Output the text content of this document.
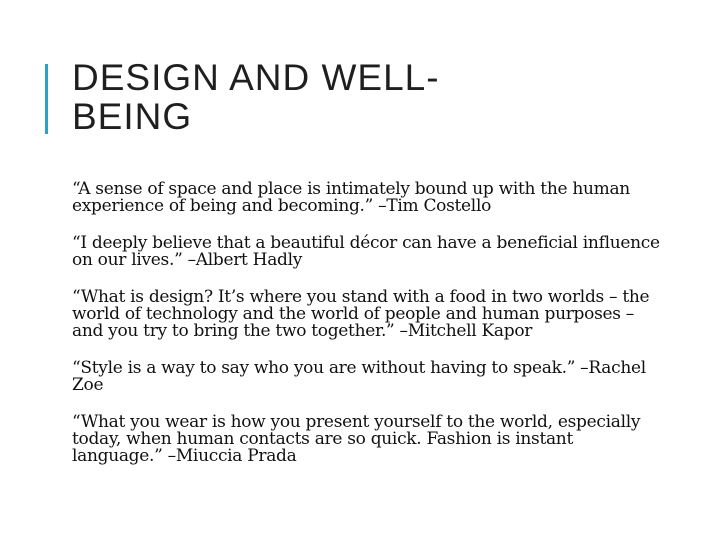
DESIGN AND WELL-
BEING
“A sense of space and place is intimately bound up with the human experience of being and becoming.” –Tim Costello
“I deeply believe that a beautiful décor can have a beneficial influence on our lives.” –Albert Hadly
“What is design? It’s where you stand with a food in two worlds – the world of technology and the world of people and human purposes – and you try to bring the two together.” –Mitchell Kapor
“Style is a way to say who you are without having to speak.” –Rachel Zoe
“What you wear is how you present yourself to the world, especially today, when human contacts are so quick. Fashion is instant language.” –Miuccia Prada
